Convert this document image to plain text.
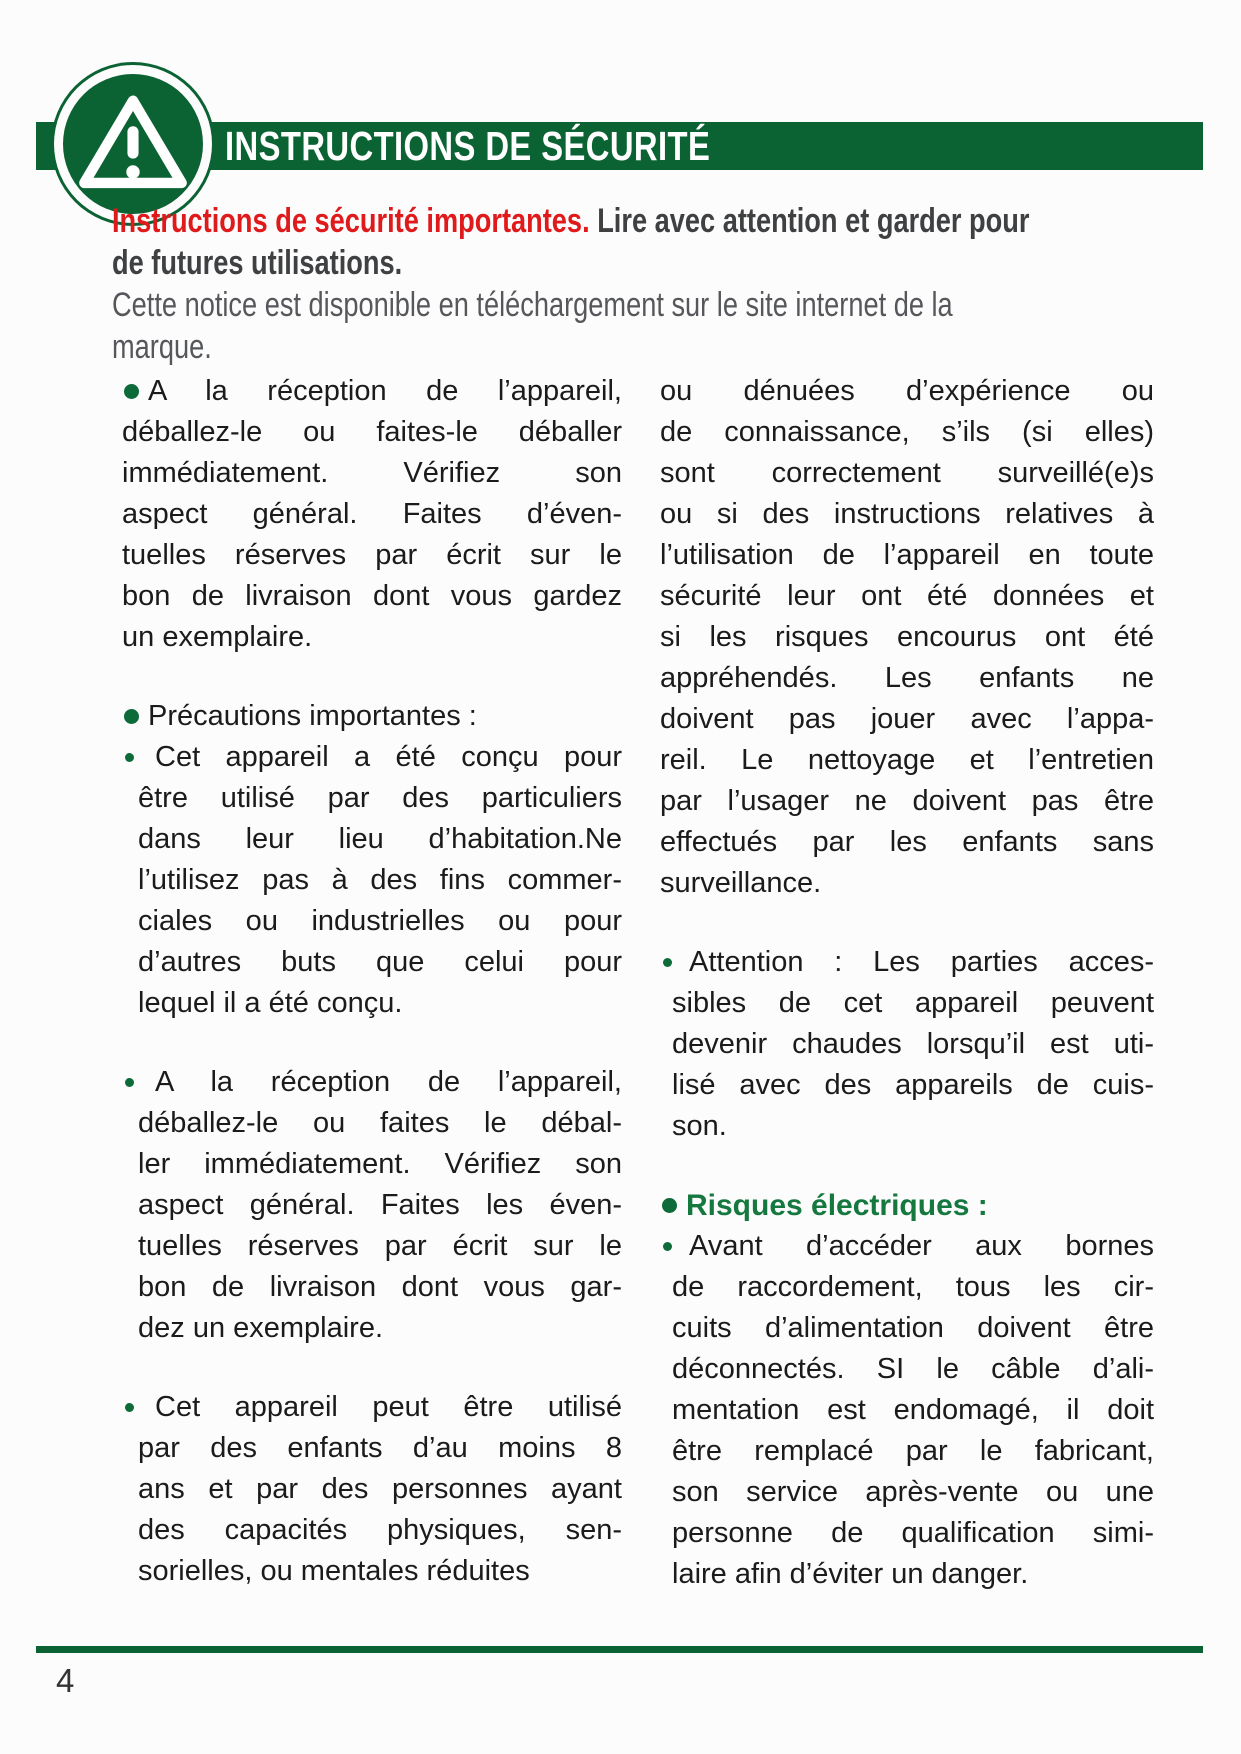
INSTRUCTIONS DE SÉCURITÉ
Instructions de sécurité importantes. Lire avec attention et garder pour
de futures utilisations.
Cette notice est disponible en téléchargement sur le site internet de la
marque.
A la réception de l’appareil,
déballez-le ou faites-le déballer
immédiatement. Vérifiez son
aspect général. Faites d’éven-
tuelles réserves par écrit sur le
bon de livraison dont vous gardez
un exemplaire.
Précautions importantes :
Cet appareil a été conçu pour
être utilisé par des particuliers
dans leur lieu d’habitation.Ne
l’utilisez pas à des fins commer-
ciales ou industrielles ou pour
d’autres buts que celui pour
lequel il a été conçu.
A la réception de l’appareil,
déballez-le ou faites le débal-
ler immédiatement. Vérifiez son
aspect général. Faites les éven-
tuelles réserves par écrit sur le
bon de livraison dont vous gar-
dez un exemplaire.
Cet appareil peut être utilisé
par des enfants d’au moins 8
ans et par des personnes ayant
des capacités physiques, sen-
sorielles, ou mentales réduites
ou dénuées d’expérience ou
de connaissance, s’ils (si elles)
sont correctement surveillé(e)s
ou si des instructions relatives à
l’utilisation de l’appareil en toute
sécurité leur ont été données et
si les risques encourus ont été
appréhendés. Les enfants ne
doivent pas jouer avec l’appa-
reil. Le nettoyage et l’entretien
par l’usager ne doivent pas être
effectués par les enfants sans
surveillance.
Attention : Les parties acces-
sibles de cet appareil peuvent
devenir chaudes lorsqu’il est uti-
lisé avec des appareils de cuis-
son.
Risques électriques :
Avant d’accéder aux bornes
de raccordement, tous les cir-
cuits d’alimentation doivent être
déconnectés. SI le câble d’ali-
mentation est endomagé, il doit
être remplacé par le fabricant,
son service après-vente ou une
personne de qualification simi-
laire afin d’éviter un danger.
4
